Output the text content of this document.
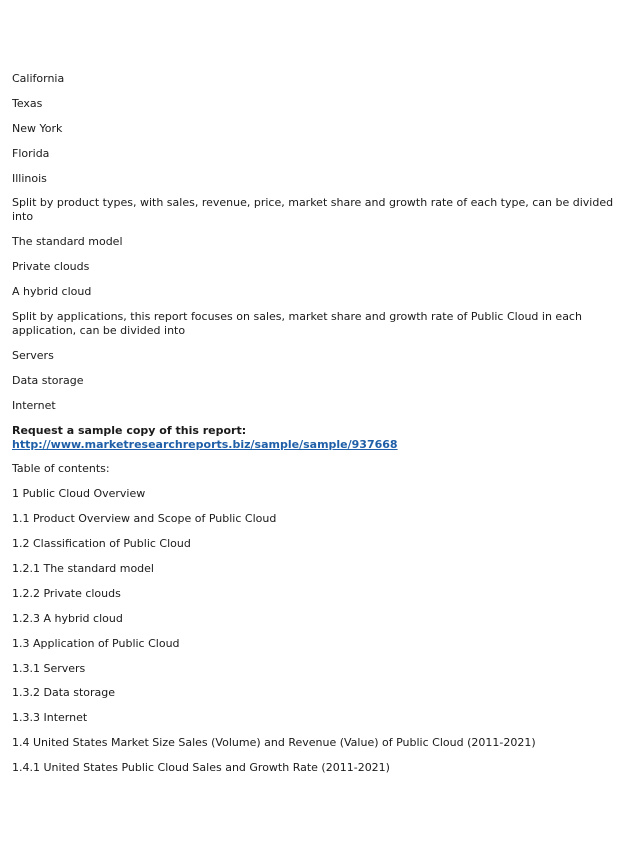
California
Texas
New York
Florida
Illinois
Split by product types, with sales, revenue, price, market share and growth rate of each type, can be divided into
The standard model
Private clouds
A hybrid cloud
Split by applications, this report focuses on sales, market share and growth rate of Public Cloud in each application, can be divided into
Servers
Data storage
Internet
Request a sample copy of this report:
http://www.marketresearchreports.biz/sample/sample/937668
Table of contents:
1 Public Cloud Overview
1.1 Product Overview and Scope of Public Cloud
1.2 Classification of Public Cloud
1.2.1 The standard model
1.2.2 Private clouds
1.2.3 A hybrid cloud
1.3 Application of Public Cloud
1.3.1 Servers
1.3.2 Data storage
1.3.3 Internet
1.4 United States Market Size Sales (Volume) and Revenue (Value) of Public Cloud (2011-2021)
1.4.1 United States Public Cloud Sales and Growth Rate (2011-2021)
